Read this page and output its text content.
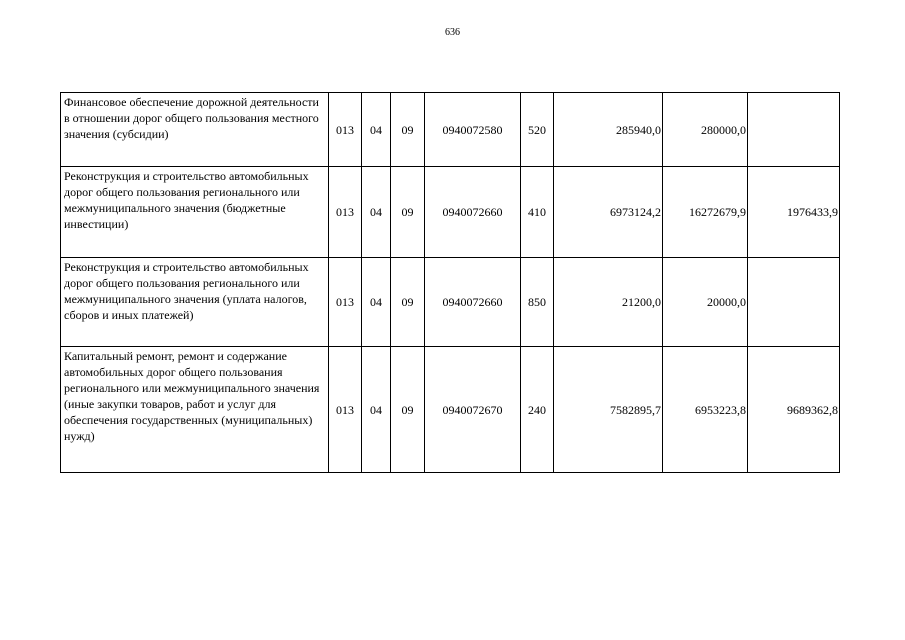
636
Финансовое обеспечение дорожной деятельности в отношении дорог общего пользования местного значения (субсидии)	013	04	09	0940072580	520	285940,0	280000,0	
Реконструкция и строительство автомобильных дорог общего пользования регионального или межмуниципального значения (бюджетные инвестиции)	013	04	09	0940072660	410	6973124,2	16272679,9	1976433,9
Реконструкция и строительство автомобильных дорог общего пользования регионального или межмуниципального значения (уплата налогов, сборов и иных платежей)	013	04	09	0940072660	850	21200,0	20000,0	
Капитальный ремонт, ремонт и содержание автомобильных дорог общего пользования регионального или межмуниципального значения (иные закупки товаров, работ и услуг для обеспечения государственных (муниципальных) нужд)	013	04	09	0940072670	240	7582895,7	6953223,8	9689362,8
